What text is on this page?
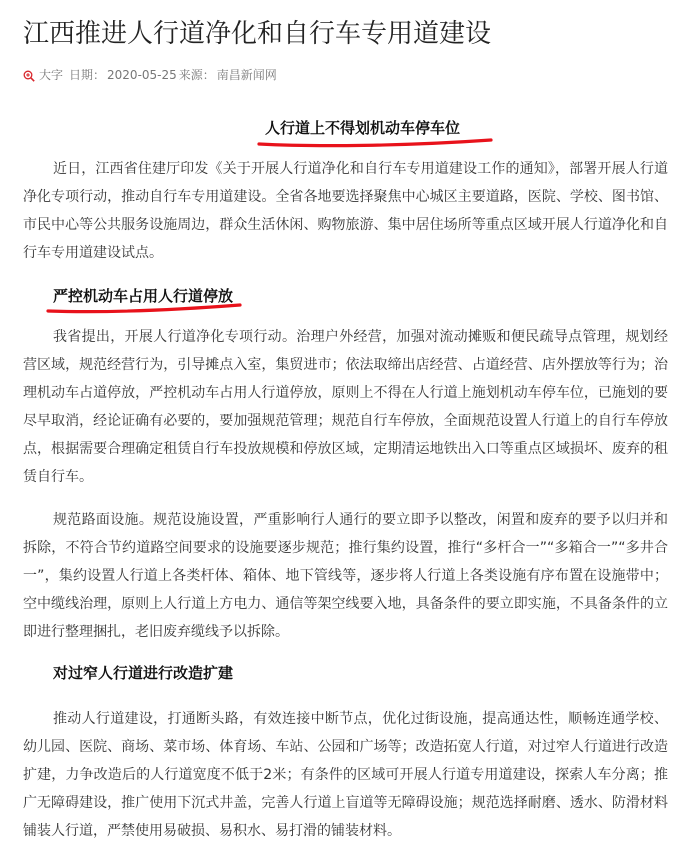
江西推进人行道净化和自行车专用道建设
大字 日期： 2020-05-25 来源： 南昌新闻网
人行道上不得划机动车停车位

近日，江西省住建厅印发《关于开展人行道净化和自行车专用道建设工作的通知》，部署开展人行道净化专项行动，推动自行车专用道建设。全省各地要选择聚焦中心城区主要道路，医院、学校、图书馆、市民中心等公共服务设施周边，群众生活休闲、购物旅游、集中居住场所等重点区域开展人行道净化和自行车专用道建设试点。

严控机动车占用人行道停放

我省提出，开展人行道净化专项行动。治理户外经营，加强对流动摊贩和便民疏导点管理，规划经营区域，规范经营行为，引导摊点入室，集贸进市；依法取缔出店经营、占道经营、店外摆放等行为；治理机动车占道停放，严控机动车占用人行道停放，原则上不得在人行道上施划机动车停车位，已施划的要尽早取消，经论证确有必要的，要加强规范管理；规范自行车停放，全面规范设置人行道上的自行车停放点，根据需要合理确定租赁自行车投放规模和停放区域，定期清运地铁出入口等重点区域损坏、废弃的租赁自行车。

规范路面设施。规范设施设置，严重影响行人通行的要立即予以整改，闲置和废弃的要予以归并和拆除，不符合节约道路空间要求的设施要逐步规范；推行集约设置，推行“多杆合一”“多箱合一”“多井合一”，集约设置人行道上各类杆体、箱体、地下管线等，逐步将人行道上各类设施有序布置在设施带中；空中缆线治理，原则上人行道上方电力、通信等架空线要入地，具备条件的要立即实施，不具备条件的立即进行整理捆扎，老旧废弃缆线予以拆除。

对过窄人行道进行改造扩建

推动人行道建设，打通断头路，有效连接中断节点，优化过街设施，提高通达性，顺畅连通学校、幼儿园、医院、商场、菜市场、体育场、车站、公园和广场等；改造拓宽人行道，对过窄人行道进行改造扩建，力争改造后的人行道宽度不低于2米；有条件的区域可开展人行道专用道建设，探索人车分离；推广无障碍建设，推广使用下沉式井盖，完善人行道上盲道等无障碍设施；规范选择耐磨、透水、防滑材料铺装人行道，严禁使用易破损、易积水、易打滑的铺装材料。
